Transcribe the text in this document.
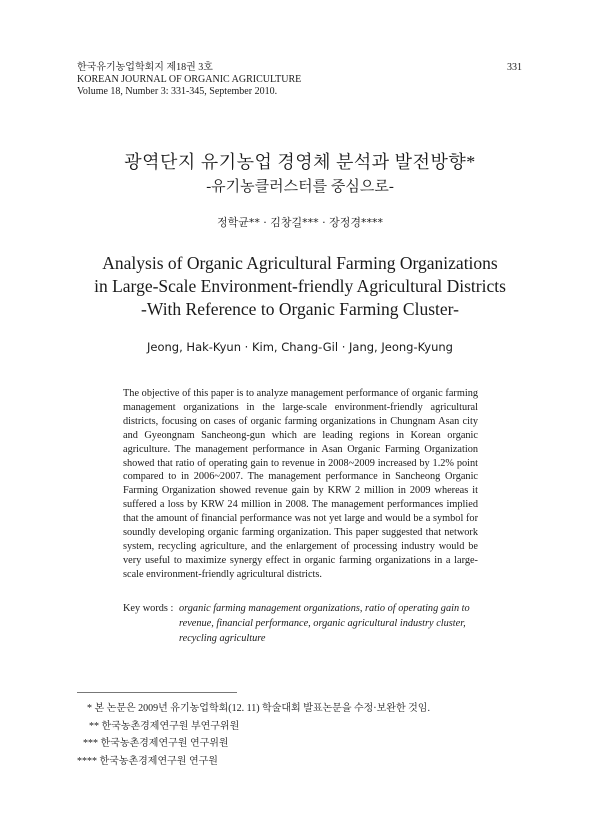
한국유기농업학회지 제18권 3호
KOREAN JOURNAL OF ORGANIC AGRICULTURE
Volume 18, Number 3: 331-345, September 2010.
331
광역단지 유기농업 경영체 분석과 발전방향*
-유기농클러스터를 중심으로-
정학균** · 김창길*** · 장정경****
Analysis of Organic Agricultural Farming Organizations
in Large-Scale Environment-friendly Agricultural Districts
-With Reference to Organic Farming Cluster-
Jeong, Hak-Kyun · Kim, Chang-Gil · Jang, Jeong-Kyung
The objective of this paper is to analyze management performance of organic farming management organizations in the large-scale environment-friendly agricultural districts, focusing on cases of organic farming organizations in Chungnam Asan city and Gyeongnam Sancheong-gun which are leading regions in Korean organic agriculture. The management performance in Asan Organic Farming Organization showed that ratio of operating gain to revenue in 2008~2009 increased by 1.2% point compared to in 2006~2007. The management performance in Sancheong Organic Farming Organization showed revenue gain by KRW 2 million in 2009 whereas it suffered a loss by KRW 24 million in 2008. The management performances implied that the amount of financial performance was not yet large and would be a symbol for soundly developing organic farming organization. This paper suggested that network system, recycling agriculture, and the enlargement of processing industry would be very useful to maximize synergy effect in organic farming organizations in a large-scale environment-friendly agricultural districts.
Key words : organic farming management organizations, ratio of operating gain to revenue, financial performance, organic agricultural industry cluster, recycling agriculture
* 본 논문은 2009년 유기농업학회(12. 11) 학술대회 발표논문을 수정·보완한 것임.
** 한국농촌경제연구원 부연구위원
*** 한국농촌경제연구원 연구위원
**** 한국농촌경제연구원 연구원
